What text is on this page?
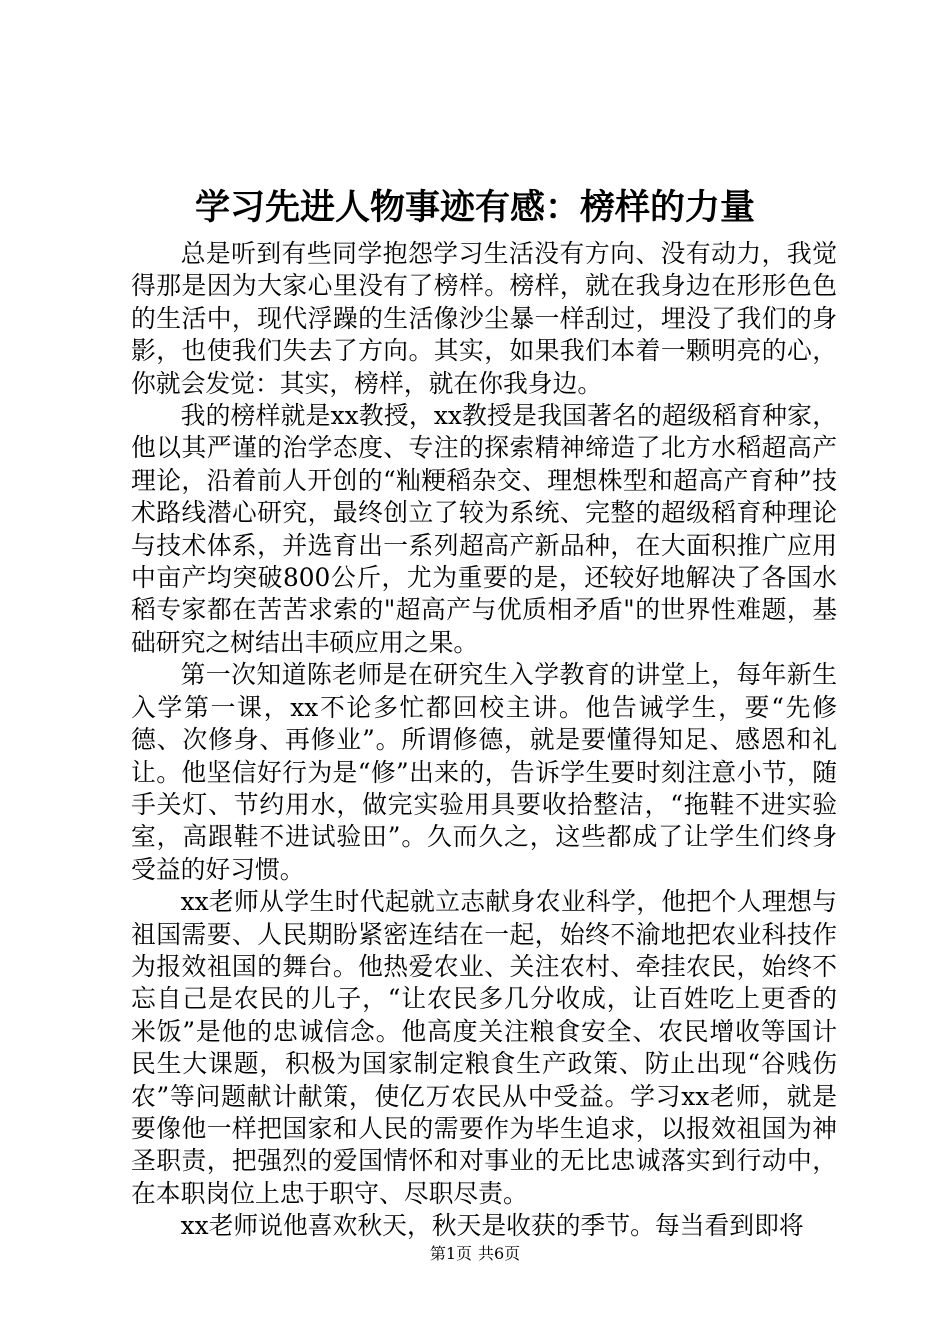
学习先进人物事迹有感：榜样的力量

总是听到有些同学抱怨学习生活没有方向、没有动力，我觉得那是因为大家心里没有了榜样。榜样，就在我身边在形形色色的生活中，现代浮躁的生活像沙尘暴一样刮过，埋没了我们的身影，也使我们失去了方向。其实，如果我们本着一颗明亮的心，你就会发觉：其实，榜样，就在你我身边。

我的榜样就是xx教授，xx教授是我国著名的超级稻育种家，他以其严谨的治学态度、专注的探索精神缔造了北方水稻超高产理论，沿着前人开创的“籼粳稻杂交、理想株型和超高产育种”技术路线潜心研究，最终创立了较为系统、完整的超级稻育种理论与技术体系，并选育出一系列超高产新品种，在大面积推广应用中亩产均突破800公斤，尤为重要的是，还较好地解决了各国水稻专家都在苦苦求索的"超高产与优质相矛盾"的世界性难题，基础研究之树结出丰硕应用之果。

第一次知道陈老师是在研究生入学教育的讲堂上，每年新生入学第一课，xx不论多忙都回校主讲。他告诫学生，要“先修德、次修身、再修业”。所谓修德，就是要懂得知足、感恩和礼让。他坚信好行为是“修”出来的，告诉学生要时刻注意小节，随手关灯、节约用水，做完实验用具要收拾整洁，“拖鞋不进实验室，高跟鞋不进试验田”。久而久之，这些都成了让学生们终身受益的好习惯。

xx老师从学生时代起就立志献身农业科学，他把个人理想与祖国需要、人民期盼紧密连结在一起，始终不渝地把农业科技作为报效祖国的舞台。他热爱农业、关注农村、牵挂农民，始终不忘自己是农民的儿子，“让农民多几分收成，让百姓吃上更香的米饭”是他的忠诚信念。他高度关注粮食安全、农民增收等国计民生大课题，积极为国家制定粮食生产政策、防止出现“谷贱伤农”等问题献计献策，使亿万农民从中受益。学习xx老师，就是要像他一样把国家和人民的需要作为毕生追求，以报效祖国为神圣职责，把强烈的爱国情怀和对事业的无比忠诚落实到行动中，在本职岗位上忠于职守、尽职尽责。

xx老师说他喜欢秋天，秋天是收获的季节。每当看到即将

第1页 共6页
